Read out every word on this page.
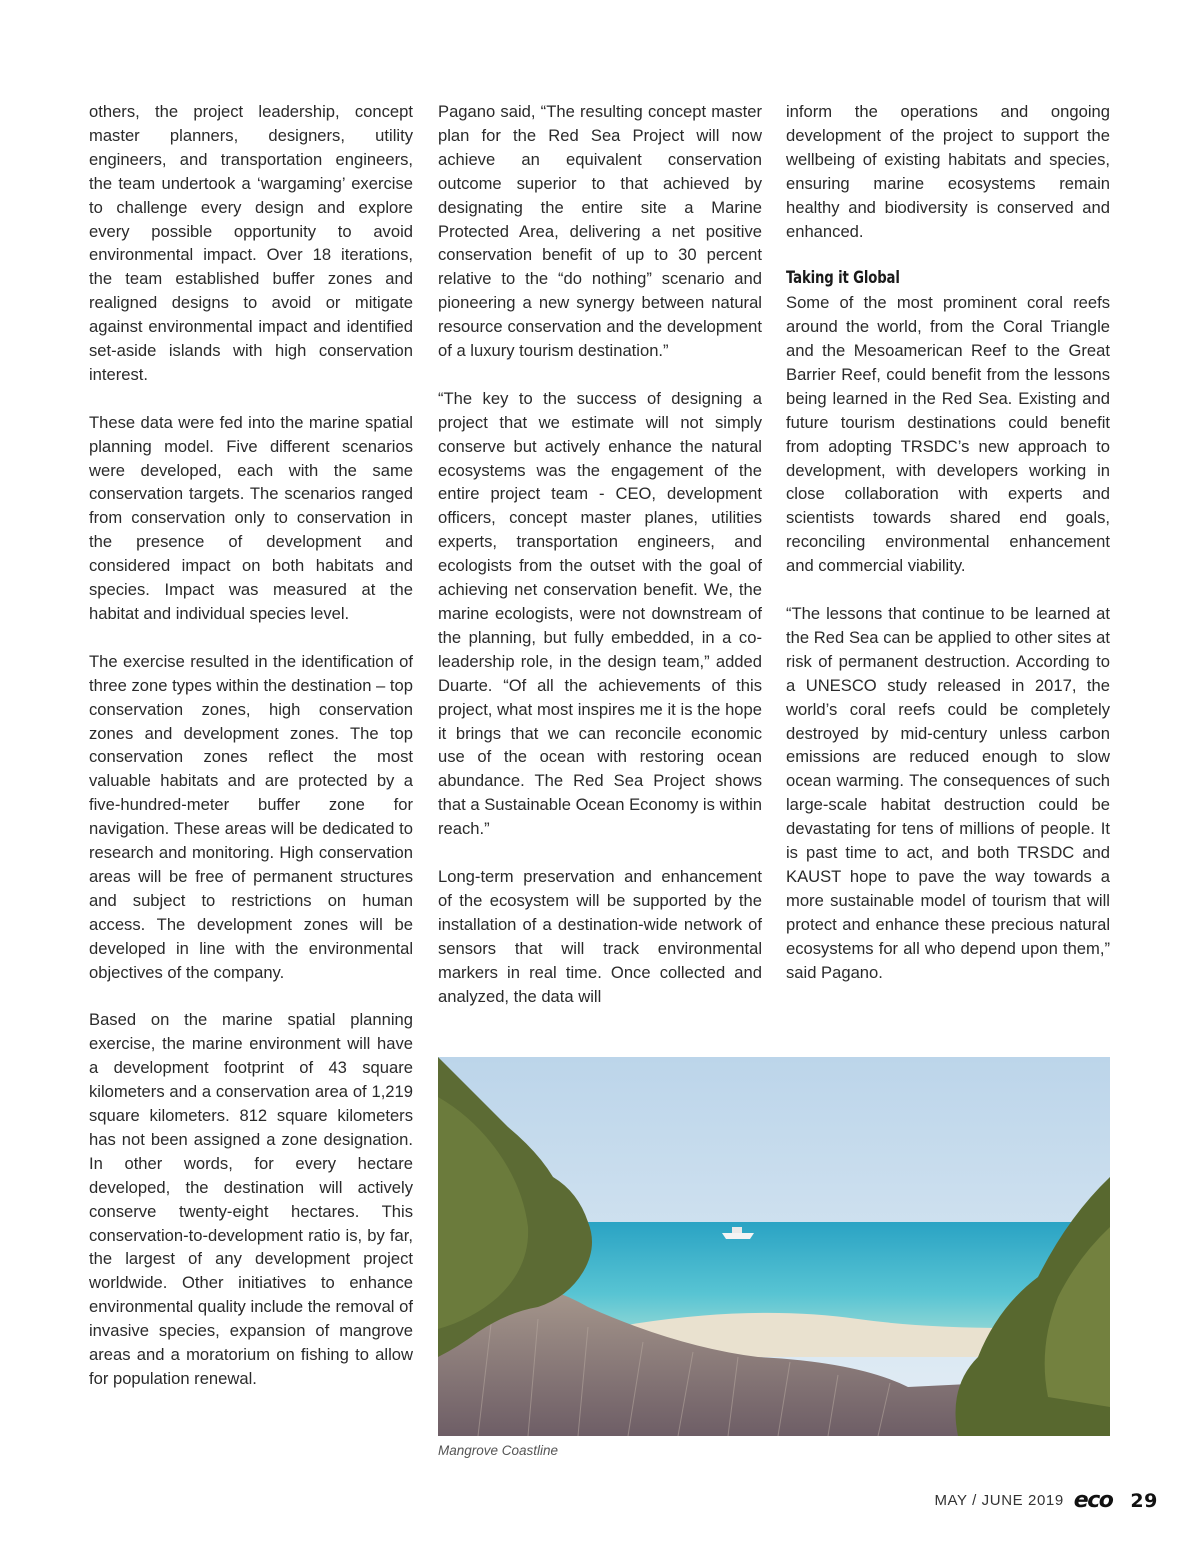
others, the project leadership, concept master planners, designers, utility engineers, and transportation engineers, the team undertook a ‘wargaming’ exercise to challenge every design and explore every possible opportunity to avoid environmental impact. Over 18 iterations, the team established buffer zones and realigned designs to avoid or mitigate against environmental impact and identified set-aside islands with high conservation interest.

These data were fed into the marine spatial planning model. Five different scenarios were developed, each with the same conservation targets. The scenarios ranged from conservation only to conservation in the presence of development and considered impact on both habitats and species. Impact was measured at the habitat and individual species level.

The exercise resulted in the identification of three zone types within the destination – top conservation zones, high conservation zones and development zones. The top conservation zones reflect the most valuable habitats and are protected by a five-hundred-meter buffer zone for navigation. These areas will be dedicated to research and monitoring. High conservation areas will be free of permanent structures and subject to restrictions on human access. The development zones will be developed in line with the environmental objectives of the company.

Based on the marine spatial planning exercise, the marine environment will have a development footprint of 43 square kilometers and a conservation area of 1,219 square kilometers. 812 square kilometers has not been assigned a zone designation. In other words, for every hectare developed, the destination will actively conserve twenty-eight hectares. This conservation-to-development ratio is, by far, the largest of any development project worldwide. Other initiatives to enhance environmental quality include the removal of invasive species, expansion of mangrove areas and a moratorium on fishing to allow for population renewal.

Pagano said, “The resulting concept master plan for the Red Sea Project will now achieve an equivalent conservation outcome superior to that achieved by designating the entire site a Marine Protected Area, delivering a net positive conservation benefit of up to 30 percent relative to the “do nothing” scenario and pioneering a new synergy between natural resource conservation and the development of a luxury tourism destination.”

“The key to the success of designing a project that we estimate will not simply conserve but actively enhance the natural ecosystems was the engagement of the entire project team - CEO, development officers, concept master planes, utilities experts, transportation engineers, and ecologists from the outset with the goal of achieving net conservation benefit. We, the marine ecologists, were not downstream of the planning, but fully embedded, in a co-leadership role, in the design team,” added Duarte. “Of all the achievements of this project, what most inspires me it is the hope it brings that we can reconcile economic use of the ocean with restoring ocean abundance. The Red Sea Project shows that a Sustainable Ocean Economy is within reach.”

Long-term preservation and enhancement of the ecosystem will be supported by the installation of a destination-wide network of sensors that will track environmental markers in real time. Once collected and analyzed, the data will

inform the operations and ongoing development of the project to support the wellbeing of existing habitats and species, ensuring marine ecosystems remain healthy and biodiversity is conserved and enhanced.

Taking it Global

Some of the most prominent coral reefs around the world, from the Coral Triangle and the Mesoamerican Reef to the Great Barrier Reef, could benefit from the lessons being learned in the Red Sea. Existing and future tourism destinations could benefit from adopting TRSDC’s new approach to development, with developers working in close collaboration with experts and scientists towards shared end goals, reconciling environmental enhancement and commercial viability.

“The lessons that continue to be learned at the Red Sea can be applied to other sites at risk of permanent destruction. According to a UNESCO study released in 2017, the world’s coral reefs could be completely destroyed by mid-century unless carbon emissions are reduced enough to slow ocean warming. The consequences of such large-scale habitat destruction could be devastating for tens of millions of people. It is past time to act, and both TRSDC and KAUST hope to pave the way towards a more sustainable model of tourism that will protect and enhance these precious natural ecosystems for all who depend upon them,” said Pagano.

Mangrove Coastline
MAY / JUNE 2019 eco 29
